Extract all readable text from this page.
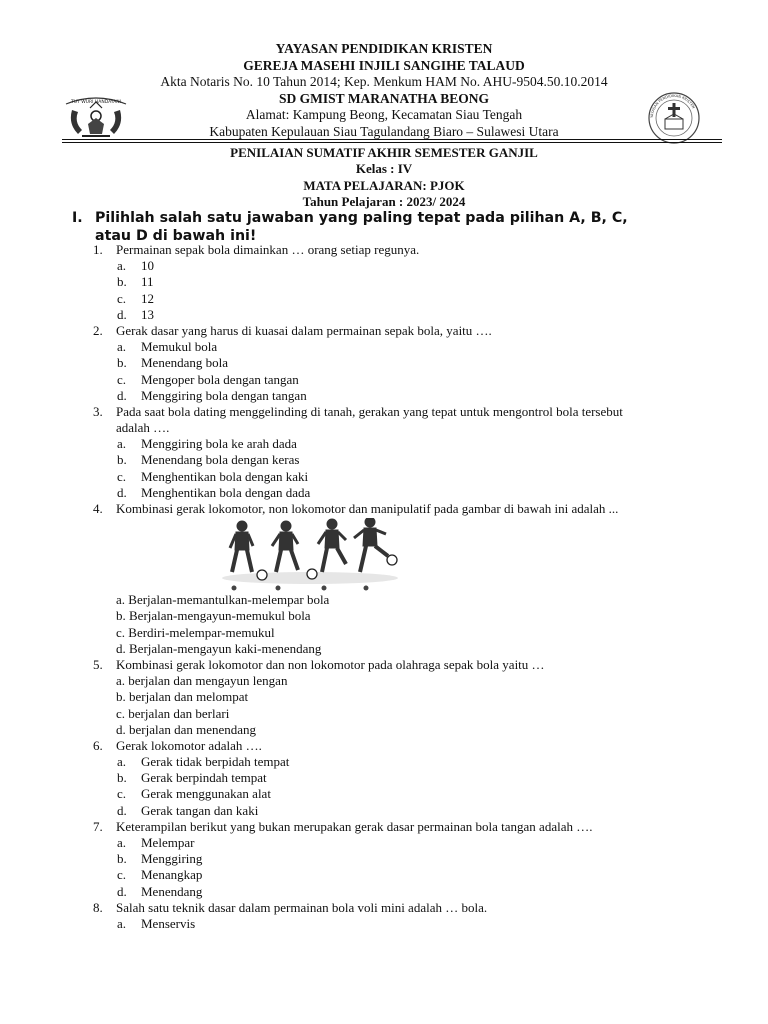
YAYASAN PENDIDIKAN KRISTEN
GEREJA MASEHI INJILI SANGIHE TALAUD
Akta Notaris No. 10 Tahun 2014; Kep. Menkum HAM No. AHU-9504.50.10.2014
SD GMIST MARANATHA BEONG
Alamat: Kampung Beong, Kecamatan Siau Tengah
Kabupaten Kepulauan Siau Tagulandang Biaro – Sulawesi Utara
TUT WURI HANDAYANI
YAYASAN PENDIDIKAN KRISTEN
PENILAIAN SUMATIF AKHIR SEMESTER GANJIL
Kelas : IV
MATA PELAJARAN: PJOK
Tahun Pelajaran : 2023/ 2024
I. Pilihlah salah satu jawaban yang paling tepat pada pilihan A, B, C,
atau D di bawah ini!
1. Permainan sepak bola dimainkan … orang setiap regunya.
a. 10
b. 11
c. 12
d. 13
2. Gerak dasar yang harus di kuasai dalam permainan sepak bola, yaitu ….
a. Memukul bola
b. Menendang bola
c. Mengoper bola dengan tangan
d. Menggiring bola dengan tangan
3. Pada saat bola dating menggelinding di tanah, gerakan yang tepat untuk mengontrol bola tersebut
adalah ….
a. Menggiring bola ke arah dada
b. Menendang bola dengan keras
c. Menghentikan bola dengan kaki
d. Menghentikan bola dengan dada
4. Kombinasi gerak lokomotor, non lokomotor dan manipulatif pada gambar di bawah ini adalah ...
a. Berjalan-memantulkan-melempar bola
b. Berjalan-mengayun-memukul bola
c. Berdiri-melempar-memukul
d. Berjalan-mengayun kaki-menendang
5. Kombinasi gerak lokomotor dan non lokomotor pada olahraga sepak bola yaitu …
a. berjalan dan mengayun lengan
b. berjalan dan melompat
c. berjalan dan berlari
d. berjalan dan menendang
6. Gerak lokomotor adalah ….
a. Gerak tidak berpidah tempat
b. Gerak berpindah tempat
c. Gerak menggunakan alat
d. Gerak tangan dan kaki
7. Keterampilan berikut yang bukan merupakan gerak dasar permainan bola tangan adalah ….
a. Melempar
b. Menggiring
c. Menangkap
d. Menendang
8. Salah satu teknik dasar dalam permainan bola voli mini adalah … bola.
a. Menservis
